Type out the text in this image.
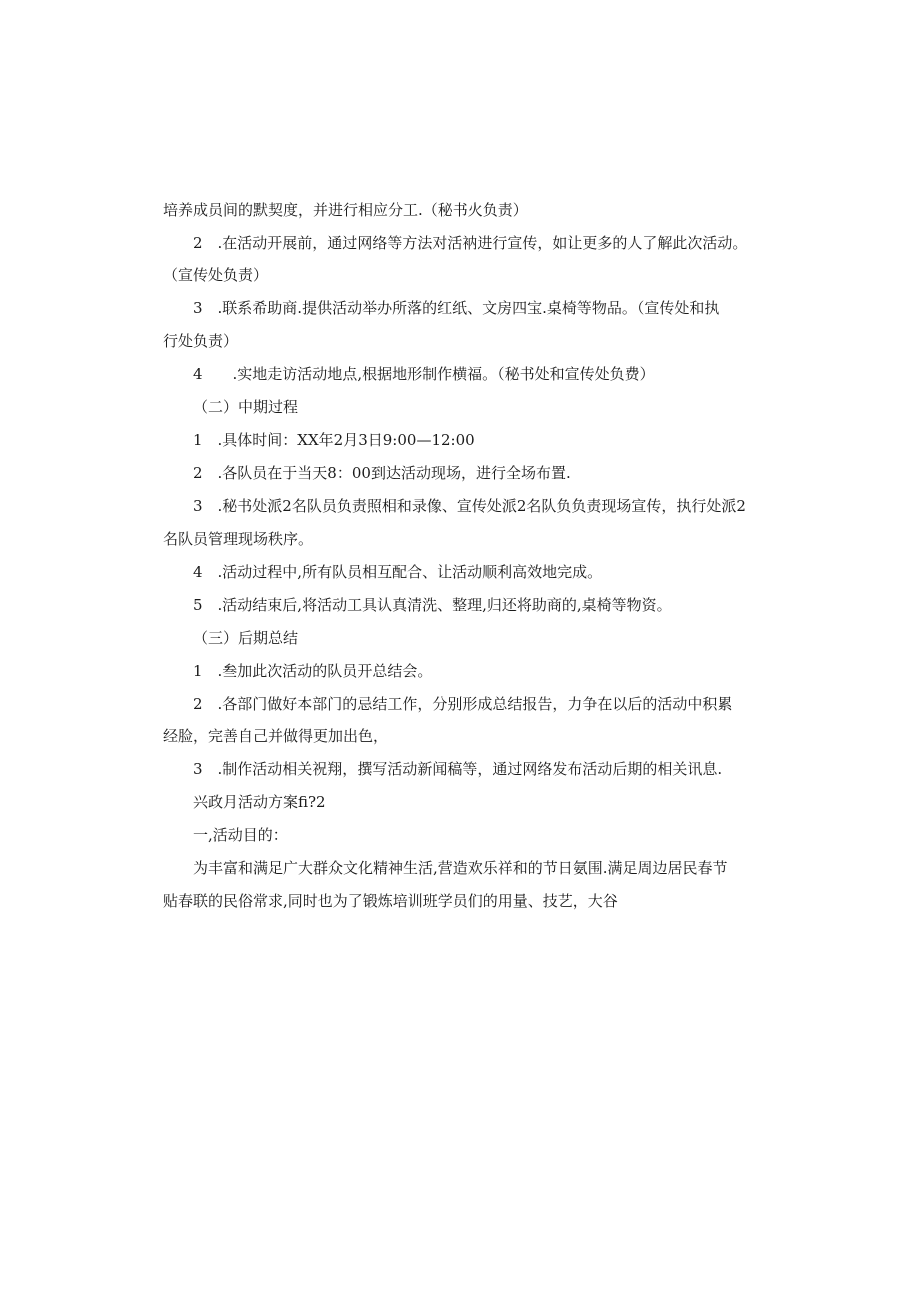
培养成员间的默契度，并进行相应分工.（秘书火负责）
2　.在活动开展前，通过网络等方法对活衲进行宣传，如让更多的人了解此次活动。
（宣传处负责）
3　.联系希助商.提供活动举办所落的红纸、文房四宝.桌椅等物品。（宣传处和执
行处负责）
4　　.实地走访活动地点,根据地形制作横福。（秘书处和宣传处负费）
（二）中期过程
1　.具体时间：XX年2月3日9:00—12:00
2　.各队员在于当天8：00到达活动现场，进行全场布置.
3　.秘书处派2名队员负责照相和录像、宣传处派2名队负负责现场宣传，执行处派2
名队员管理现场秩序。
4　.活动过程中,所有队员相互配合、让活动顺利高效地完成。
5　.活动结束后,将活动工具认真清洗、整理,归还将助商的,桌椅等物资。
（三）后期总结
1　.叁加此次活动的队员开总结会。
2　.各部门做好本部门的忌结工作，分别形成总结报告，力争在以后的活动中积累
经脸，完善自己并做得更加出色，
3　.制作活动相关祝翔，撰写活动新闻稿等，通过网络发布活动后期的相关讯息.
兴政月活动方案fi?2
一,活动目的：
为丰富和满足广大群众文化精神生活,营造欢乐祥和的节日氨围.满足周边居民春节
贴春联的民俗常求,同时也为了锻炼培训班学员们的用量、技艺，大谷
